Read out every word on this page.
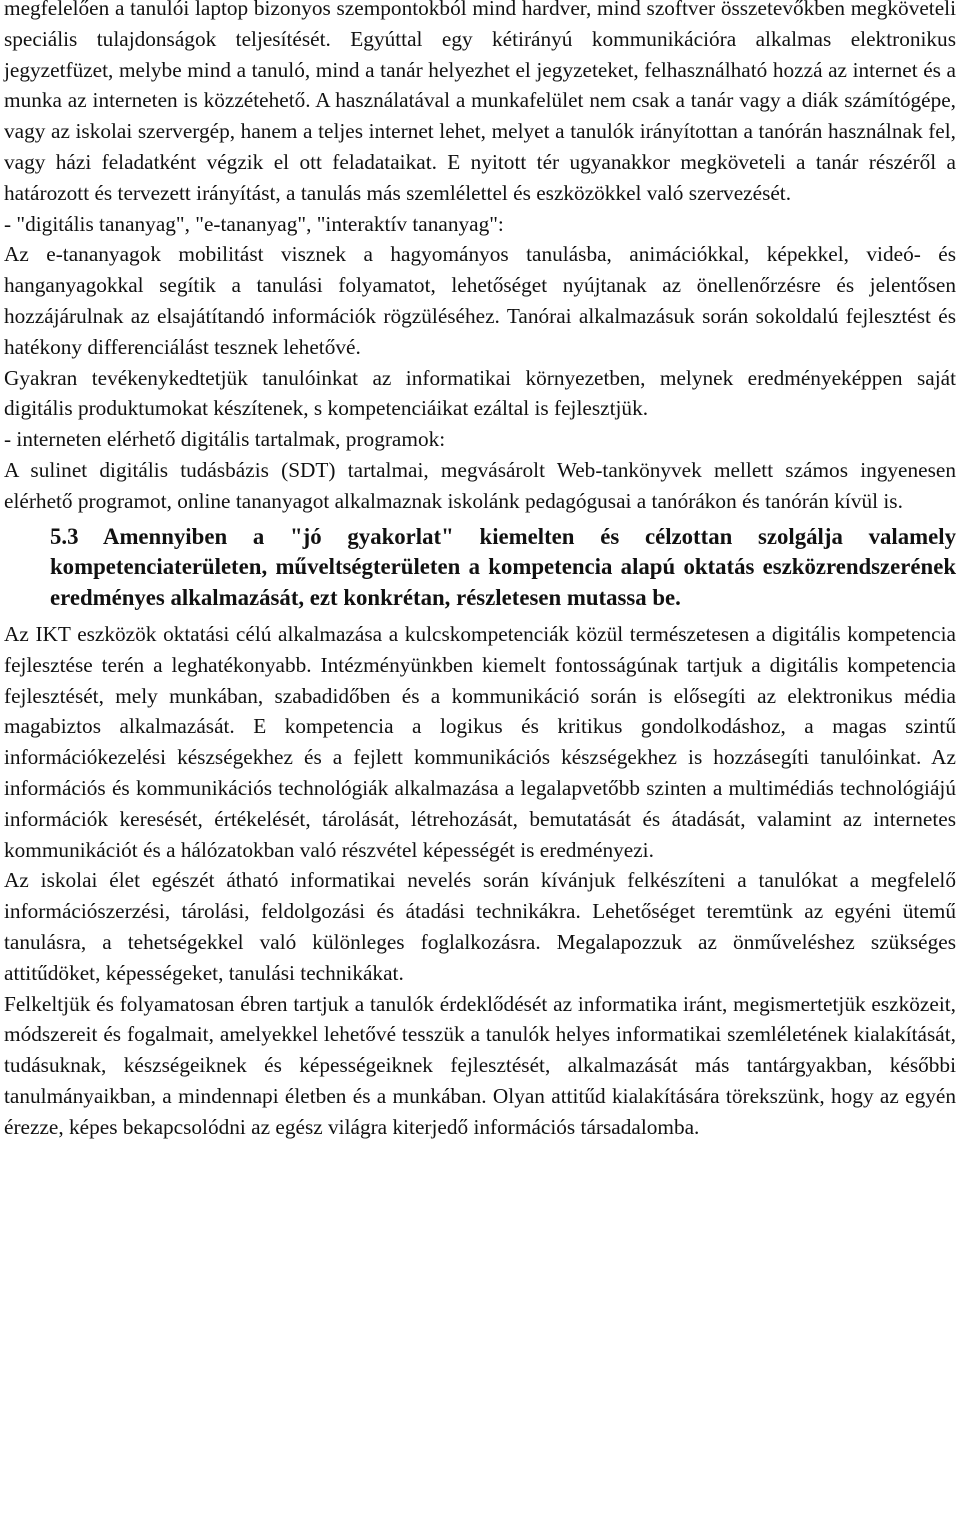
megfelelően a tanulói laptop bizonyos szempontokból mind hardver, mind szoftver összetevőkben megköveteli speciális tulajdonságok teljesítését. Egyúttal egy kétirányú kommunikációra alkalmas elektronikus jegyzetfüzet, melybe mind a tanuló, mind a tanár helyezhet el jegyzeteket, felhasználható hozzá az internet és a munka az interneten is közzétehető. A használatával a munkafelület nem csak a tanár vagy a diák számítógépe, vagy az iskolai szervergép, hanem a teljes internet lehet, melyet a tanulók irányítottan a tanórán használnak fel, vagy házi feladatként végzik el ott feladataikat. E nyitott tér ugyanakkor megköveteli a tanár részéről a határozott és tervezett irányítást, a tanulás más szemlélettel és eszközökkel való szervezését.

- "digitális tananyag", "e-tananyag", "interaktív tananyag":

Az e-tananyagok mobilitást visznek a hagyományos tanulásba, animációkkal, képekkel, videó- és hanganyagokkal segítik a tanulási folyamatot, lehetőséget nyújtanak az önellenőrzésre és jelentősen hozzájárulnak az elsajátítandó információk rögzüléséhez. Tanórai alkalmazásuk során sokoldalú fejlesztést és hatékony differenciálást tesznek lehetővé.

Gyakran tevékenykedtetjük tanulóinkat az informatikai környezetben, melynek eredményeképpen saját digitális produktumokat készítenek, s kompetenciáikat ezáltal is fejlesztjük.

- interneten elérhető digitális tartalmak, programok:

A sulinet digitális tudásbázis (SDT) tartalmai, megvásárolt Web-tankönyvek mellett számos ingyenesen elérhető programot, online tananyagot alkalmaznak iskolánk pedagógusai a tanórákon és tanórán kívül is.

5.3 Amennyiben a "jó gyakorlat" kiemelten és célzottan szolgálja valamely kompetenciaterületen, műveltségterületen a kompetencia alapú oktatás eszközrendszerének eredményes alkalmazását, ezt konkrétan, részletesen mutassa be.

Az IKT eszközök oktatási célú alkalmazása a kulcskompetenciák közül természetesen a digitális kompetencia fejlesztése terén a leghatékonyabb. Intézményünkben kiemelt fontosságúnak tartjuk a digitális kompetencia fejlesztését, mely munkában, szabadidőben és a kommunikáció során is elősegíti az elektronikus média magabiztos alkalmazását. E kompetencia a logikus és kritikus gondolkodáshoz, a magas szintű információkezelési készségekhez és a fejlett kommunikációs készségekhez is hozzásegíti tanulóinkat. Az információs és kommunikációs technológiák alkalmazása a legalapvetőbb szinten a multimédiás technológiájú információk keresését, értékelését, tárolását, létrehozását, bemutatását és átadását, valamint az internetes kommunikációt és a hálózatokban való részvétel képességét is eredményezi.

Az iskolai élet egészét átható informatikai nevelés során kívánjuk felkészíteni a tanulókat a megfelelő információszerzési, tárolási, feldolgozási és átadási technikákra. Lehetőséget teremtünk az egyéni ütemű tanulásra, a tehetségekkel való különleges foglalkozásra. Megalapozzuk az önműveléshez szükséges attitűdöket, képességeket, tanulási technikákat.

Felkeltjük és folyamatosan ébren tartjuk a tanulók érdeklődését az informatika iránt, megismertetjük eszközeit, módszereit és fogalmait, amelyekkel lehetővé tesszük a tanulók helyes informatikai szemléletének kialakítását, tudásuknak, készségeiknek és képességeiknek fejlesztését, alkalmazását más tantárgyakban, későbbi tanulmányaikban, a mindennapi életben és a munkában. Olyan attitűd kialakítására törekszünk, hogy az egyén érezze, képes bekapcsolódni az egész világra kiterjedő információs társadalomba.
